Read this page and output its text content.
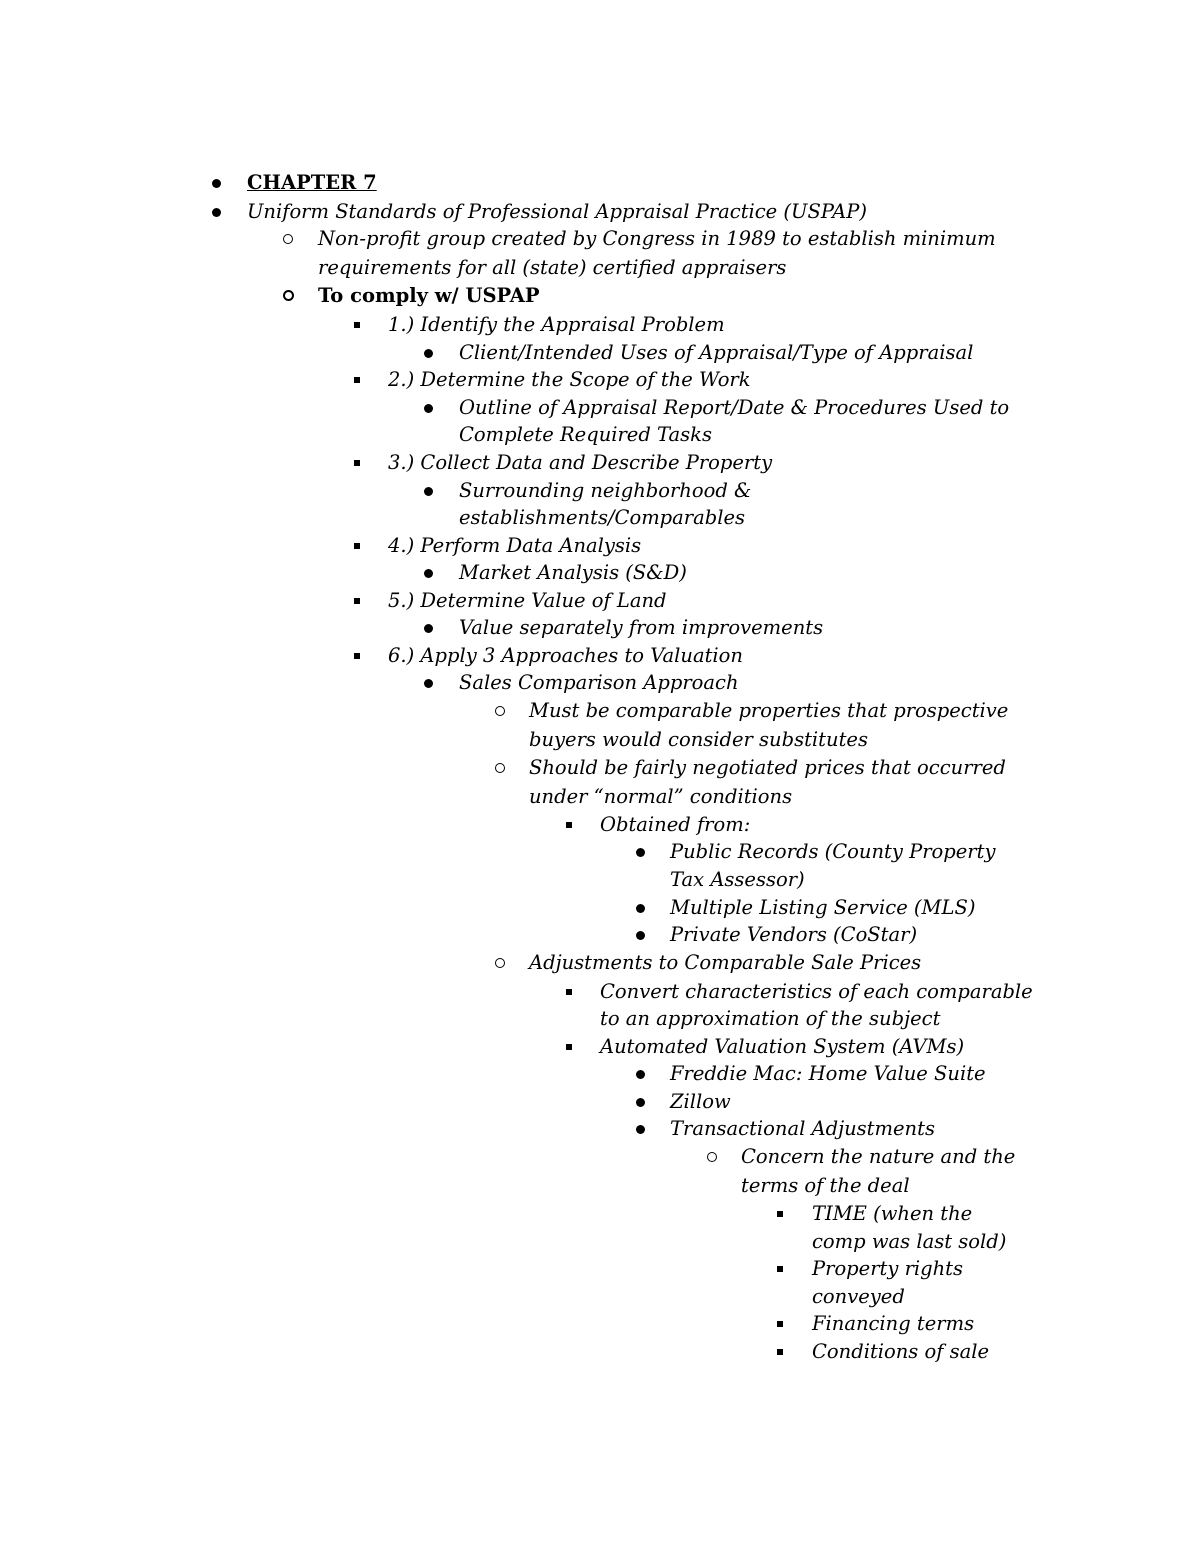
CHAPTER 7
Uniform Standards of Professional Appraisal Practice (USPAP)
Non-profit group created by Congress in 1989 to establish minimum
requirements for all (state) certified appraisers
To comply w/ USPAP
1.) Identify the Appraisal Problem
Client/Intended Uses of Appraisal/Type of Appraisal
2.) Determine the Scope of the Work
Outline of Appraisal Report/Date & Procedures Used to
Complete Required Tasks
3.) Collect Data and Describe Property
Surrounding neighborhood &
establishments/Comparables
4.) Perform Data Analysis
Market Analysis (S&D)
5.) Determine Value of Land
Value separately from improvements
6.) Apply 3 Approaches to Valuation
Sales Comparison Approach
Must be comparable properties that prospective
buyers would consider substitutes
Should be fairly negotiated prices that occurred
under “normal” conditions
Obtained from:
Public Records (County Property
Tax Assessor)
Multiple Listing Service (MLS)
Private Vendors (CoStar)
Adjustments to Comparable Sale Prices
Convert characteristics of each comparable
to an approximation of the subject
Automated Valuation System (AVMs)
Freddie Mac: Home Value Suite
Zillow
Transactional Adjustments
Concern the nature and the
terms of the deal
TIME (when the
comp was last sold)
Property rights
conveyed
Financing terms
Conditions of sale
